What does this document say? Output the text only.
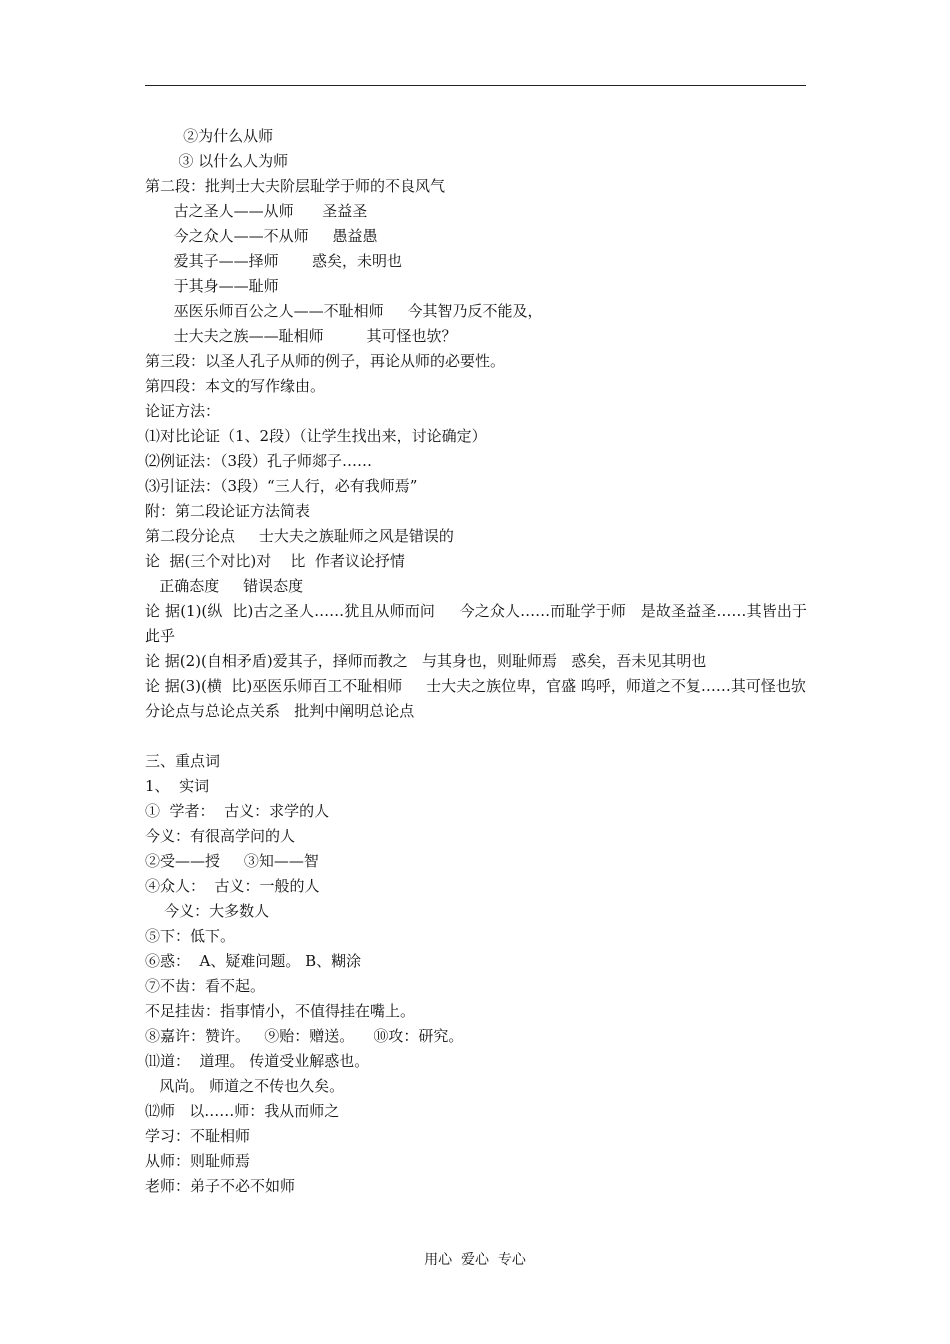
②为什么从师
③ 以什么人为师
第二段：批判士大夫阶层耻学于师的不良风气
古之圣人——从师      圣益圣
今之众人——不从师     愚益愚
爱其子——择师       惑矣，未明也
于其身——耻师
巫医乐师百公之人——不耻相师     今其智乃反不能及，
士大夫之族——耻相师         其可怪也欤？
第三段：以圣人孔子从师的例子，再论从师的必要性。
第四段：本文的写作缘由。
论证方法：
⑴对比论证（1、2段）（让学生找出来，讨论确定）
⑵例证法：（3段）孔子师郯子……
⑶引证法：（3段）“三人行，必有我师焉”
附：第二段论证方法简表
第二段分论点     士大夫之族耻师之风是错误的
论  据(三个对比)对    比  作者议论抒情
正确态度     错误态度
论 据(1)(纵  比)古之圣人……犹且从师而问     今之众人……而耻学于师   是故圣益圣……其皆出于此乎
论 据(2)(自相矛盾)爱其子，择师而教之   与其身也，则耻师焉   惑矣，吾未见其明也
论 据(3)(横  比)巫医乐师百工不耻相师     士大夫之族位卑，官盛 呜呼，师道之不复……其可怪也欤
分论点与总论点关系   批判中阐明总论点
三、重点词
1、  实词
①  学者：  古义：求学的人
今义：有很高学问的人
②受——授     ③知——智
④众人：  古义：一般的人
今义：大多数人
⑤下：低下。
⑥惑：  A、疑难问题。 B、糊涂
⑦不齿：看不起。
不足挂齿：指事情小，不值得挂在嘴上。
⑧嘉许：赞许。   ⑨贻：赠送。    ⑩攻：研究。
⑾道：  道理。 传道受业解惑也。
风尚。 师道之不传也久矣。
⑿师   以……师：我从而师之
学习：不耻相师
从师：则耻师焉
老师：弟子不必不如师
用心  爱心  专心
